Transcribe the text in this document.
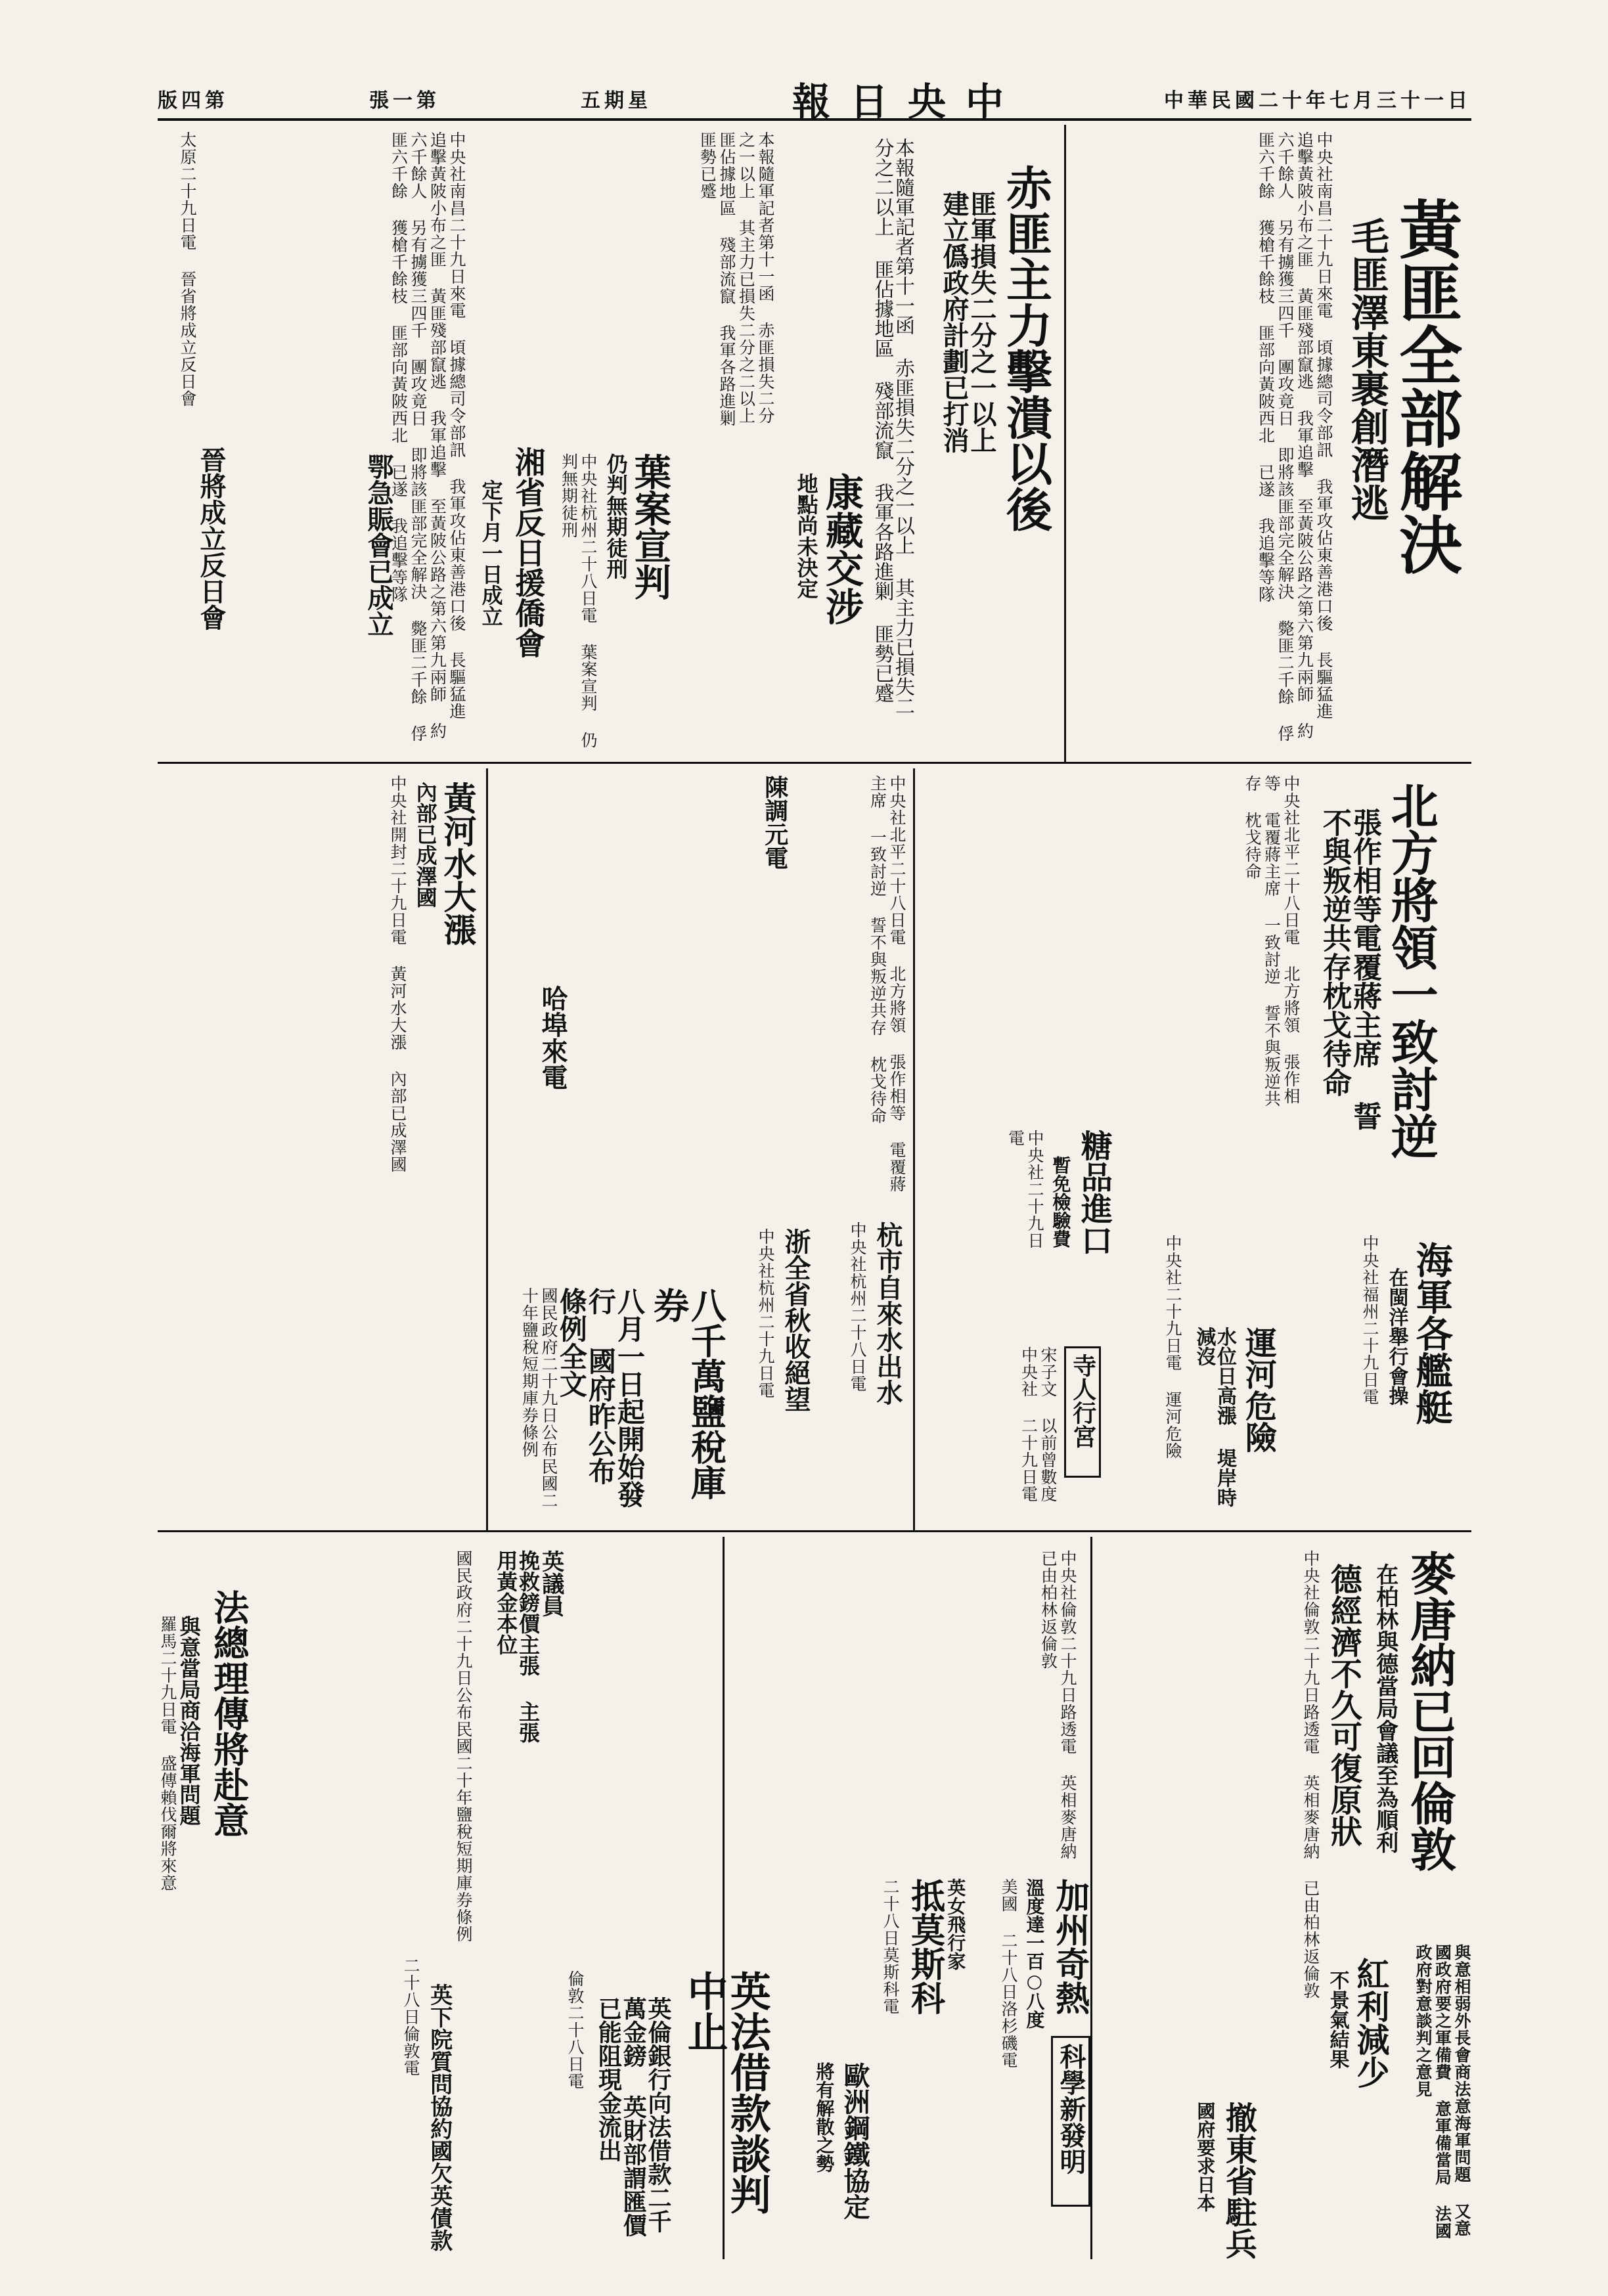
中華民國二十年七月三十一日
報日央中
五期星
張一第
版四第
黃匪全部解決
毛匪澤東裹創潛逃
中央社南昌二十九日來電 頃據總司令部訊 我軍攻佔東善港口後 長驅猛進 追擊黃陂小布之匪 黃匪殘部竄逃 我軍追擊 至黃陂公路之第六第九兩師 約六千餘人 另有擄獲三四千 團攻竟日 即將該匪部完全解決 斃匪二千餘 俘匪六千餘 獲槍千餘枝 匪部向黃陂西北 已遂 我追擊等隊
赤匪主力擊潰以後
匪軍損失二分之一以上 建立僞政府計劃已打消
本報隨軍記者第十一函 赤匪損失二分之一以上 其主力已損失二分之二以上 匪佔據地區 殘部流竄 我軍各路進剿 匪勢已蹙
康藏交涉
地點尚未決定
本報隨軍記者第十一函 赤匪損失二分之一以上 其主力已損失二分之二以上 匪佔據地區 殘部流竄 我軍各路進剿 匪勢已蹙
葉案宣判
仍判無期徒刑
中央社杭州二十八日電 葉案宣判 仍判無期徒刑
湘省反日援僑會
定下月一日成立
中央社南昌二十九日來電 頃據總司令部訊 我軍攻佔東善港口後 長驅猛進 追擊黃陂小布之匪 黃匪殘部竄逃 我軍追擊 至黃陂公路之第六第九兩師 約六千餘人 另有擄獲三四千 團攻竟日 即將該匪部完全解決 斃匪二千餘 俘匪六千餘 獲槍千餘枝 匪部向黃陂西北 已遂 我追擊等隊
晉將成立反日會	鄂急賑會已成立
太原二十九日電 晉省將成立反日會
北方將領一致討逆
張作相等電覆蔣主席 誓不與叛逆共存枕戈待命
中央社北平二十八日電 北方將領 張作相等 電覆蔣主席 一致討逆 誓不與叛逆共存 枕戈待命
海軍各艦艇
在閩洋舉行會操
中央社福州二十九日電
運河危險
水位日高漲 堤岸時減沒
中央社二十九日電 運河危險
糖品進口
暫免檢驗費
中央社二十九日電
寺人行宮
宋子文 以前曾數度 中央社 二十九日電
杭市自來水出水
中央社杭州二十八日電
浙全省秋收絕望
中央社杭州二十九日電
八千萬鹽稅庫券
八月一日起開始發行 國府昨公布條例全文
國民政府二十九日公布民國二十年鹽稅短期庫券條例
中央社北平二十八日電 北方將領 張作相等 電覆蔣主席 一致討逆 誓不與叛逆共存 枕戈待命
陳調元電
哈埠來電
黃河水大漲
內部已成澤國
中央社開封二十九日電 黃河水大漲 內部已成澤國
麥唐納已回倫敦
在柏林與德當局會議至為順利
德經濟不久可復原狀
中央社倫敦二十九日路透電 英相麥唐納 已由柏林返倫敦
與意相弱外長會商法意海軍問題 又意國政府要之軍備費 意軍備當局 法國政府對意談判之意見
紅利減少
不景氣結果
撤東省駐兵
國府要求日本
加州奇熱
溫度達一百○八度
美國 二十八日洛杉磯電
科學新發明
抵莫斯科 英女飛行家
二十八日莫斯科電
歐洲鋼鐵協定
將有解散之勢
中央社倫敦二十九日路透電 英相麥唐納 已由柏林返倫敦
英法借款談判中止
英倫銀行向法借款二千萬金鎊 英財部謂匯價已能阻現金流出
倫敦二十八日電
英議員
挽救鎊價主張 主張用黃金本位
法總理傳將赴意
與意當局商洽海軍問題
羅馬二十九日電 盛傳賴伐爾將來意	國民政府二十九日公布民國二十年鹽稅短期庫券條例
英下院質問協約國欠英債款
二十八日倫敦電
